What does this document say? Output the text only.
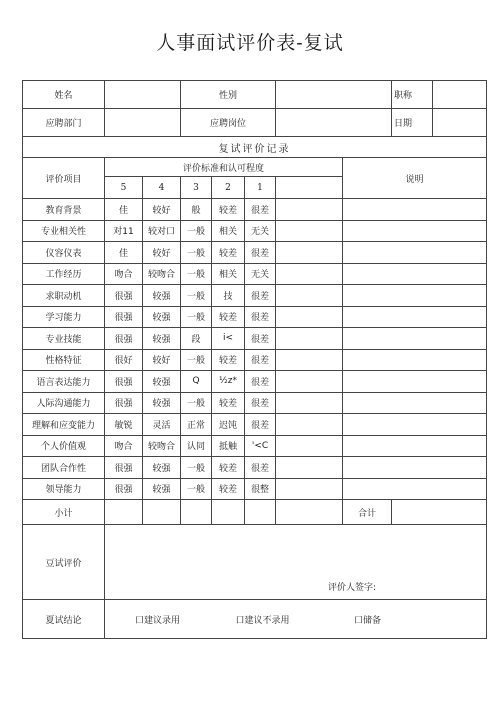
人事面试评价表-复试
姓名			性别					职称	
应聘部门			应聘岗位					日期	
复试评价记录									
评价项目	评价标准和认可程度						说明		
	5	4	3	2	1				
教育背景	佳	较好	般	较差	很差				
专业相关性	对11	较对口	一般	相关	无关				
仪容仪表	佳	较好	一般	较差	很差				
工作经历	吻合	较吻合	一般	相关	无关				
求职动机	很强	较强	一般	技	很差				
学习能力	很强	较强	一般	较差	很差				
专业技能	很强	较强	段	i<	很差				
性格特征	很好	较好	一般	较差	很差				
语言表达能力	很强	较强	Q	½z*	很差				
人际沟通能力	很强	较强	一般	较差	很差				
理解和应变能力	敏锐	灵活	正常	迟饨	很差				
个人价值观	吻合	较吻合	认同	抵触	'<C				
团队合作性	很强	较强	一般	较差	很差				
领导能力	很强	较强	一般	较差	很整				
小计							合计		
豆试评价	评价人签字:								

夏试结论	口建议录用 口建议不录用 口储备								
